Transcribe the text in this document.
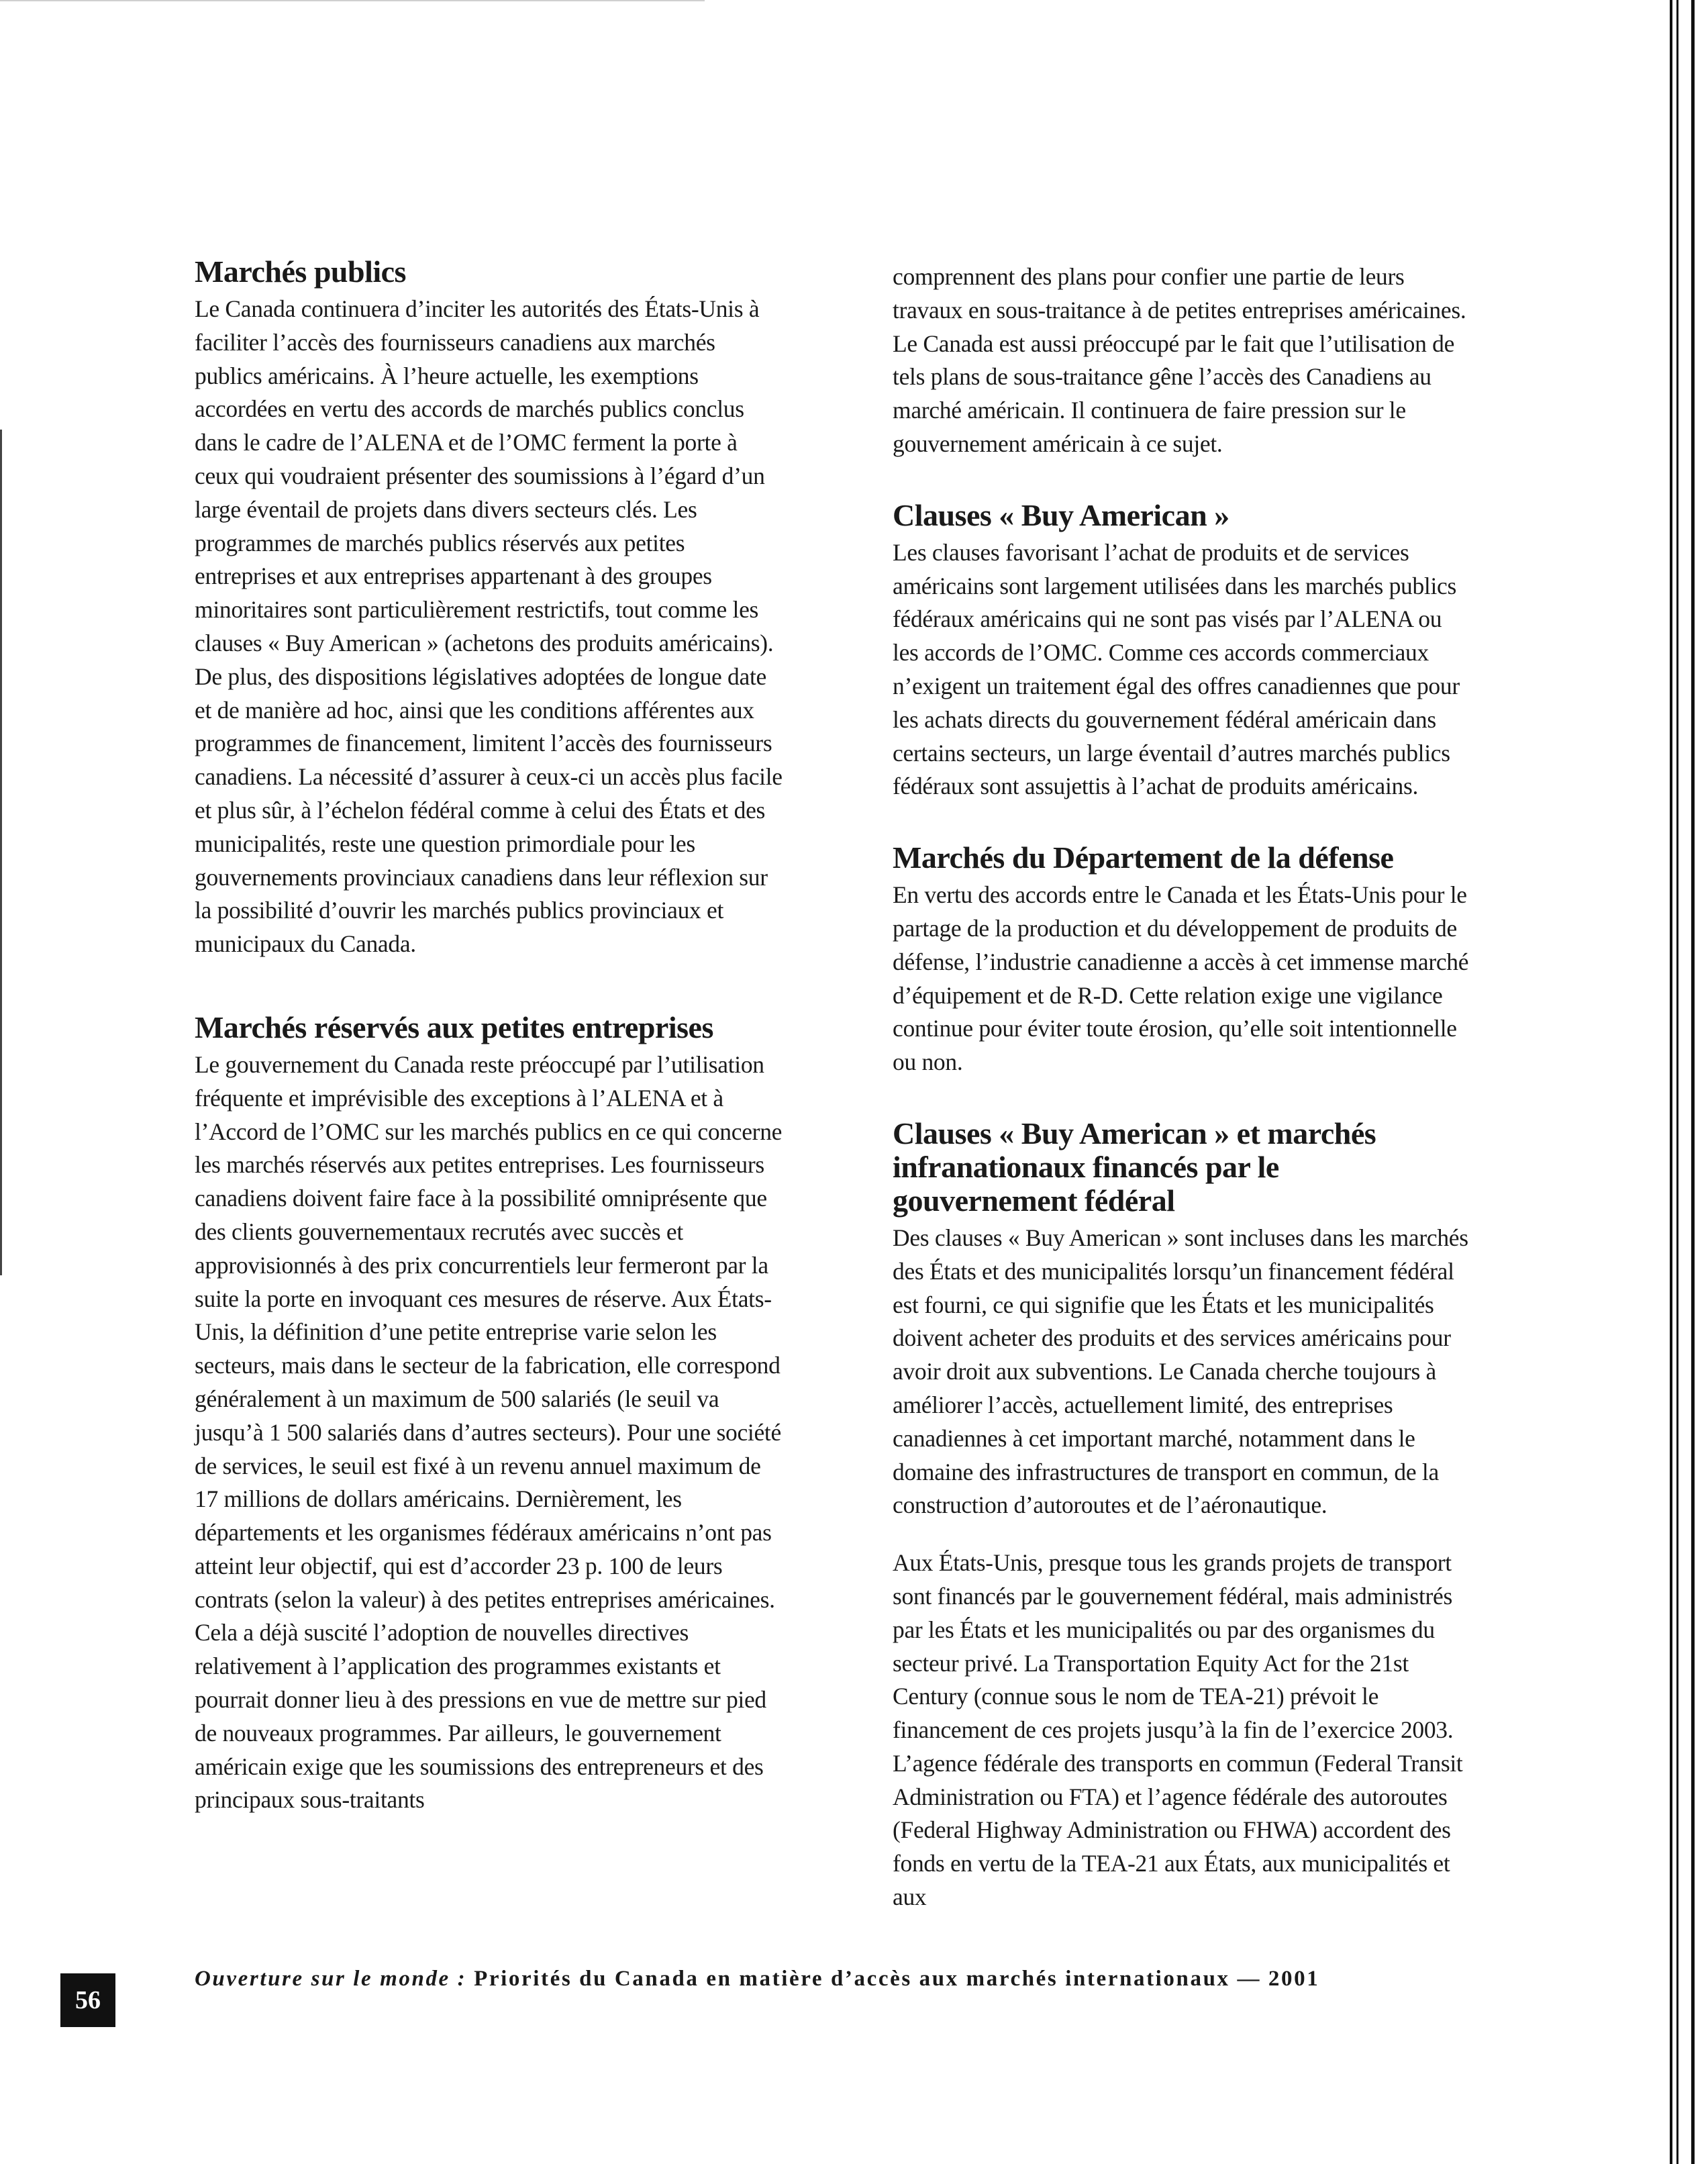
Marchés publics

Le Canada continuera d’inciter les autorités des États-Unis à faciliter l’accès des fournisseurs canadiens aux marchés publics américains. À l’heure actuelle, les exemptions accordées en vertu des accords de marchés publics conclus dans le cadre de l’ALENA et de l’OMC ferment la porte à ceux qui voudraient présenter des soumissions à l’égard d’un large éventail de projets dans divers secteurs clés. Les programmes de marchés publics réservés aux petites entreprises et aux entreprises appartenant à des groupes minoritaires sont particulièrement restrictifs, tout comme les clauses « Buy American » (achetons des produits américains). De plus, des dispositions législatives adoptées de longue date et de manière ad hoc, ainsi que les conditions afférentes aux programmes de financement, limitent l’accès des fournisseurs canadiens. La nécessité d’assurer à ceux-ci un accès plus facile et plus sûr, à l’échelon fédéral comme à celui des États et des municipalités, reste une question primordiale pour les gouvernements provinciaux canadiens dans leur réflexion sur la possibilité d’ouvrir les marchés publics provinciaux et municipaux du Canada.

Marchés réservés aux petites entreprises

Le gouvernement du Canada reste préoccupé par l’utilisation fréquente et imprévisible des exceptions à l’ALENA et à l’Accord de l’OMC sur les marchés publics en ce qui concerne les marchés réservés aux petites entreprises. Les fournisseurs canadiens doivent faire face à la possibilité omniprésente que des clients gouvernementaux recrutés avec succès et approvisionnés à des prix concurrentiels leur fermeront par la suite la porte en invoquant ces mesures de réserve. Aux États-Unis, la définition d’une petite entreprise varie selon les secteurs, mais dans le secteur de la fabrication, elle correspond généralement à un maximum de 500 salariés (le seuil va jusqu’à 1 500 salariés dans d’autres secteurs). Pour une société de services, le seuil est fixé à un revenu annuel maximum de 17 millions de dollars américains. Dernièrement, les départements et les organismes fédéraux américains n’ont pas atteint leur objectif, qui est d’accorder 23 p. 100 de leurs contrats (selon la valeur) à des petites entreprises américaines. Cela a déjà suscité l’adoption de nouvelles directives relativement à l’application des programmes existants et pourrait donner lieu à des pressions en vue de mettre sur pied de nouveaux programmes. Par ailleurs, le gouvernement américain exige que les soumissions des entrepreneurs et des principaux sous-traitants

comprennent des plans pour confier une partie de leurs travaux en sous-traitance à de petites entreprises américaines. Le Canada est aussi préoccupé par le fait que l’utilisation de tels plans de sous-traitance gêne l’accès des Canadiens au marché américain. Il continuera de faire pression sur le gouvernement américain à ce sujet.

Clauses « Buy American »

Les clauses favorisant l’achat de produits et de services américains sont largement utilisées dans les marchés publics fédéraux américains qui ne sont pas visés par l’ALENA ou les accords de l’OMC. Comme ces accords commerciaux n’exigent un traitement égal des offres canadiennes que pour les achats directs du gouvernement fédéral américain dans certains secteurs, un large éventail d’autres marchés publics fédéraux sont assujettis à l’achat de produits américains.

Marchés du Département de la défense

En vertu des accords entre le Canada et les États-Unis pour le partage de la production et du développement de produits de défense, l’industrie canadienne a accès à cet immense marché d’équipement et de R-D. Cette relation exige une vigilance continue pour éviter toute érosion, qu’elle soit intentionnelle ou non.

Clauses « Buy American » et marchés infranationaux financés par le gouvernement fédéral

Des clauses « Buy American » sont incluses dans les marchés des États et des municipalités lorsqu’un financement fédéral est fourni, ce qui signifie que les États et les municipalités doivent acheter des produits et des services américains pour avoir droit aux subventions. Le Canada cherche toujours à améliorer l’accès, actuellement limité, des entreprises canadiennes à cet important marché, notamment dans le domaine des infrastructures de transport en commun, de la construction d’autoroutes et de l’aéronautique.

Aux États-Unis, presque tous les grands projets de transport sont financés par le gouvernement fédéral, mais administrés par les États et les municipalités ou par des organismes du secteur privé. La Transportation Equity Act for the 21st Century (connue sous le nom de TEA-21) prévoit le financement de ces projets jusqu’à la fin de l’exercice 2003. L’agence fédérale des transports en commun (Federal Transit Administration ou FTA) et l’agence fédérale des autoroutes (Federal Highway Administration ou FHWA) accordent des fonds en vertu de la TEA-21 aux États, aux municipalités et aux

56
Ouverture sur le monde : Priorités du Canada en matière d’accès aux marchés internationaux — 2001
